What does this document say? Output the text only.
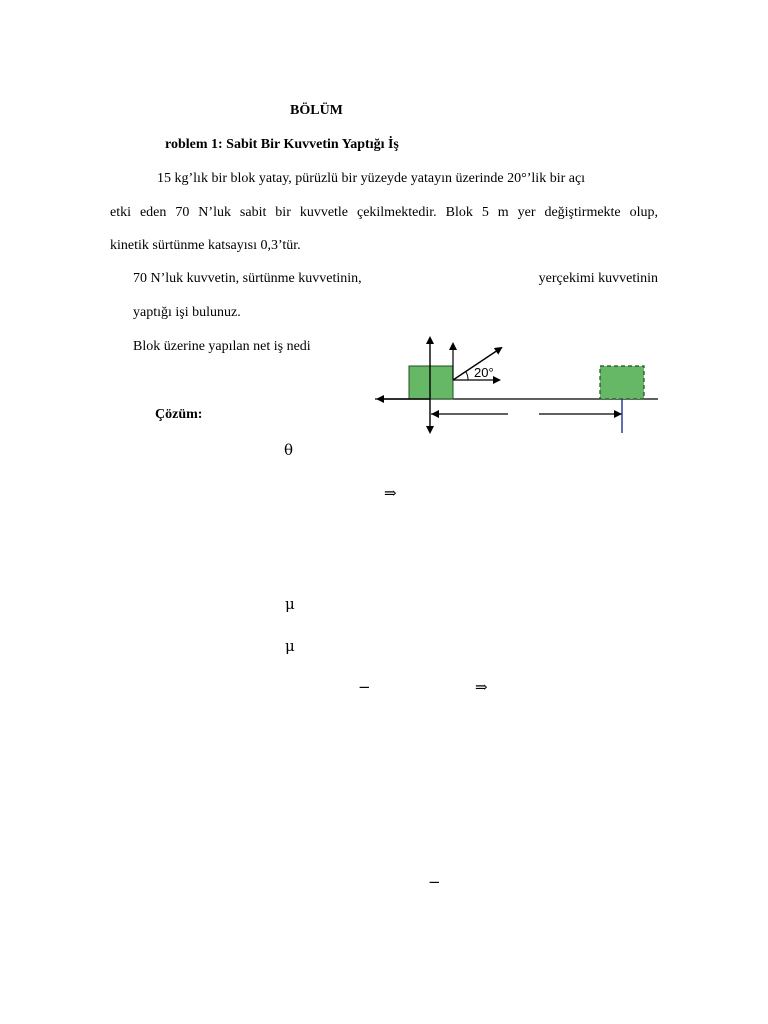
BÖLÜM
roblem 1: Sabit Bir Kuvvetin Yaptığı İş
15 kg’lık bir blok yatay, pürüzlü bir yüzeyde yatayın üzerinde 20°’lik bir açı
etki eden 70 N’luk sabit bir kuvvetle çekilmektedir. Blok 5 m yer değiştirmekte olup,
kinetik sürtünme katsayısı 0,3’tür.
70 N’luk kuvvetin, sürtünme kuvvetinin,	yerçekimi kuvvetinin
yaptığı işi bulunuz.
Blok üzerine yapılan net iş nedi
Çözüm:
20°
θ
⇒
μ
μ
−	⇒
−
